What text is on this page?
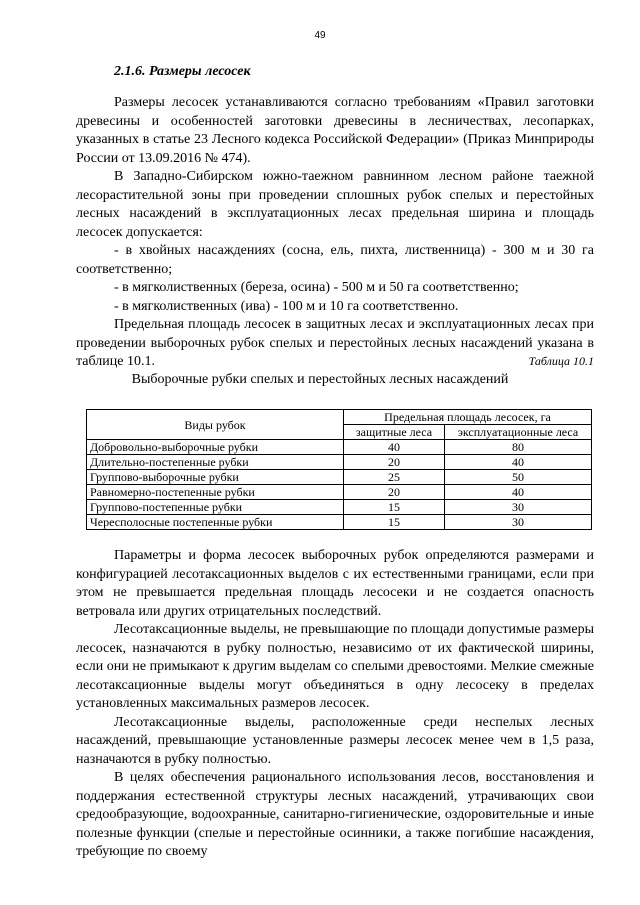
49
2.1.6. Размеры лесосек

Размеры лесосек устанавливаются согласно требованиям «Правил заготовки древесины и особенностей заготовки древесины в лесничествах, лесопарках, указанных в статье 23 Лесного кодекса Российской Федерации» (Приказ Минприроды России от 13.09.2016 № 474).

В Западно-Сибирском южно-таежном равнинном лесном районе таежной лесорастительной зоны при проведении сплошных рубок спелых и перестойных лесных насаждений в эксплуатационных лесах предельная ширина и площадь лесосек допускается:

- в хвойных насаждениях (сосна, ель, пихта, лиственница) - 300 м и 30 га соответственно;

- в мягколиственных (береза, осина) - 500 м и 50 га соответственно;

- в мягколиственных (ива) - 100 м и 10 га соответственно.

Предельная площадь лесосек в защитных лесах и эксплуатационных лесах при проведении выборочных рубок спелых и перестойных лесных насаждений указана в таблице 10.1.	Таблица 10.1
Выборочные рубки спелых и перестойных лесных насаждений
Виды рубок	Предельная площадь лесосек, га	
	защитные леса	эксплуатационные леса
Добровольно-выборочные рубки	40	80
Длительно-постепенные рубки	20	40
Группово-выборочные рубки	25	50
Равномерно-постепенные рубки	20	40
Группово-постепенные рубки	15	30
Чересполосные постепенные рубки	15	30

Параметры и форма лесосек выборочных рубок определяются размерами и конфигурацией лесотаксационных выделов с их естественными границами, если при этом не превышается предельная площадь лесосеки и не создается опасность ветровала или других отрицательных последствий.

Лесотаксационные выделы, не превышающие по площади допустимые размеры лесосек, назначаются в рубку полностью, независимо от их фактической ширины, если они не примыкают к другим выделам со спелыми древостоями. Мелкие смежные лесотаксационные выделы могут объединяться в одну лесосеку в пределах установленных максимальных размеров лесосек.

Лесотаксационные выделы, расположенные среди неспелых лесных насаждений, превышающие установленные размеры лесосек менее чем в 1,5 раза, назначаются в рубку полностью.

В целях обеспечения рационального использования лесов, восстановления и поддержания естественной структуры лесных насаждений, утрачивающих свои средообразующие, водоохранные, санитарно-гигиенические, оздоровительные и иные полезные функции (спелые и перестойные осинники, а также погибшие насаждения, требующие по своему
